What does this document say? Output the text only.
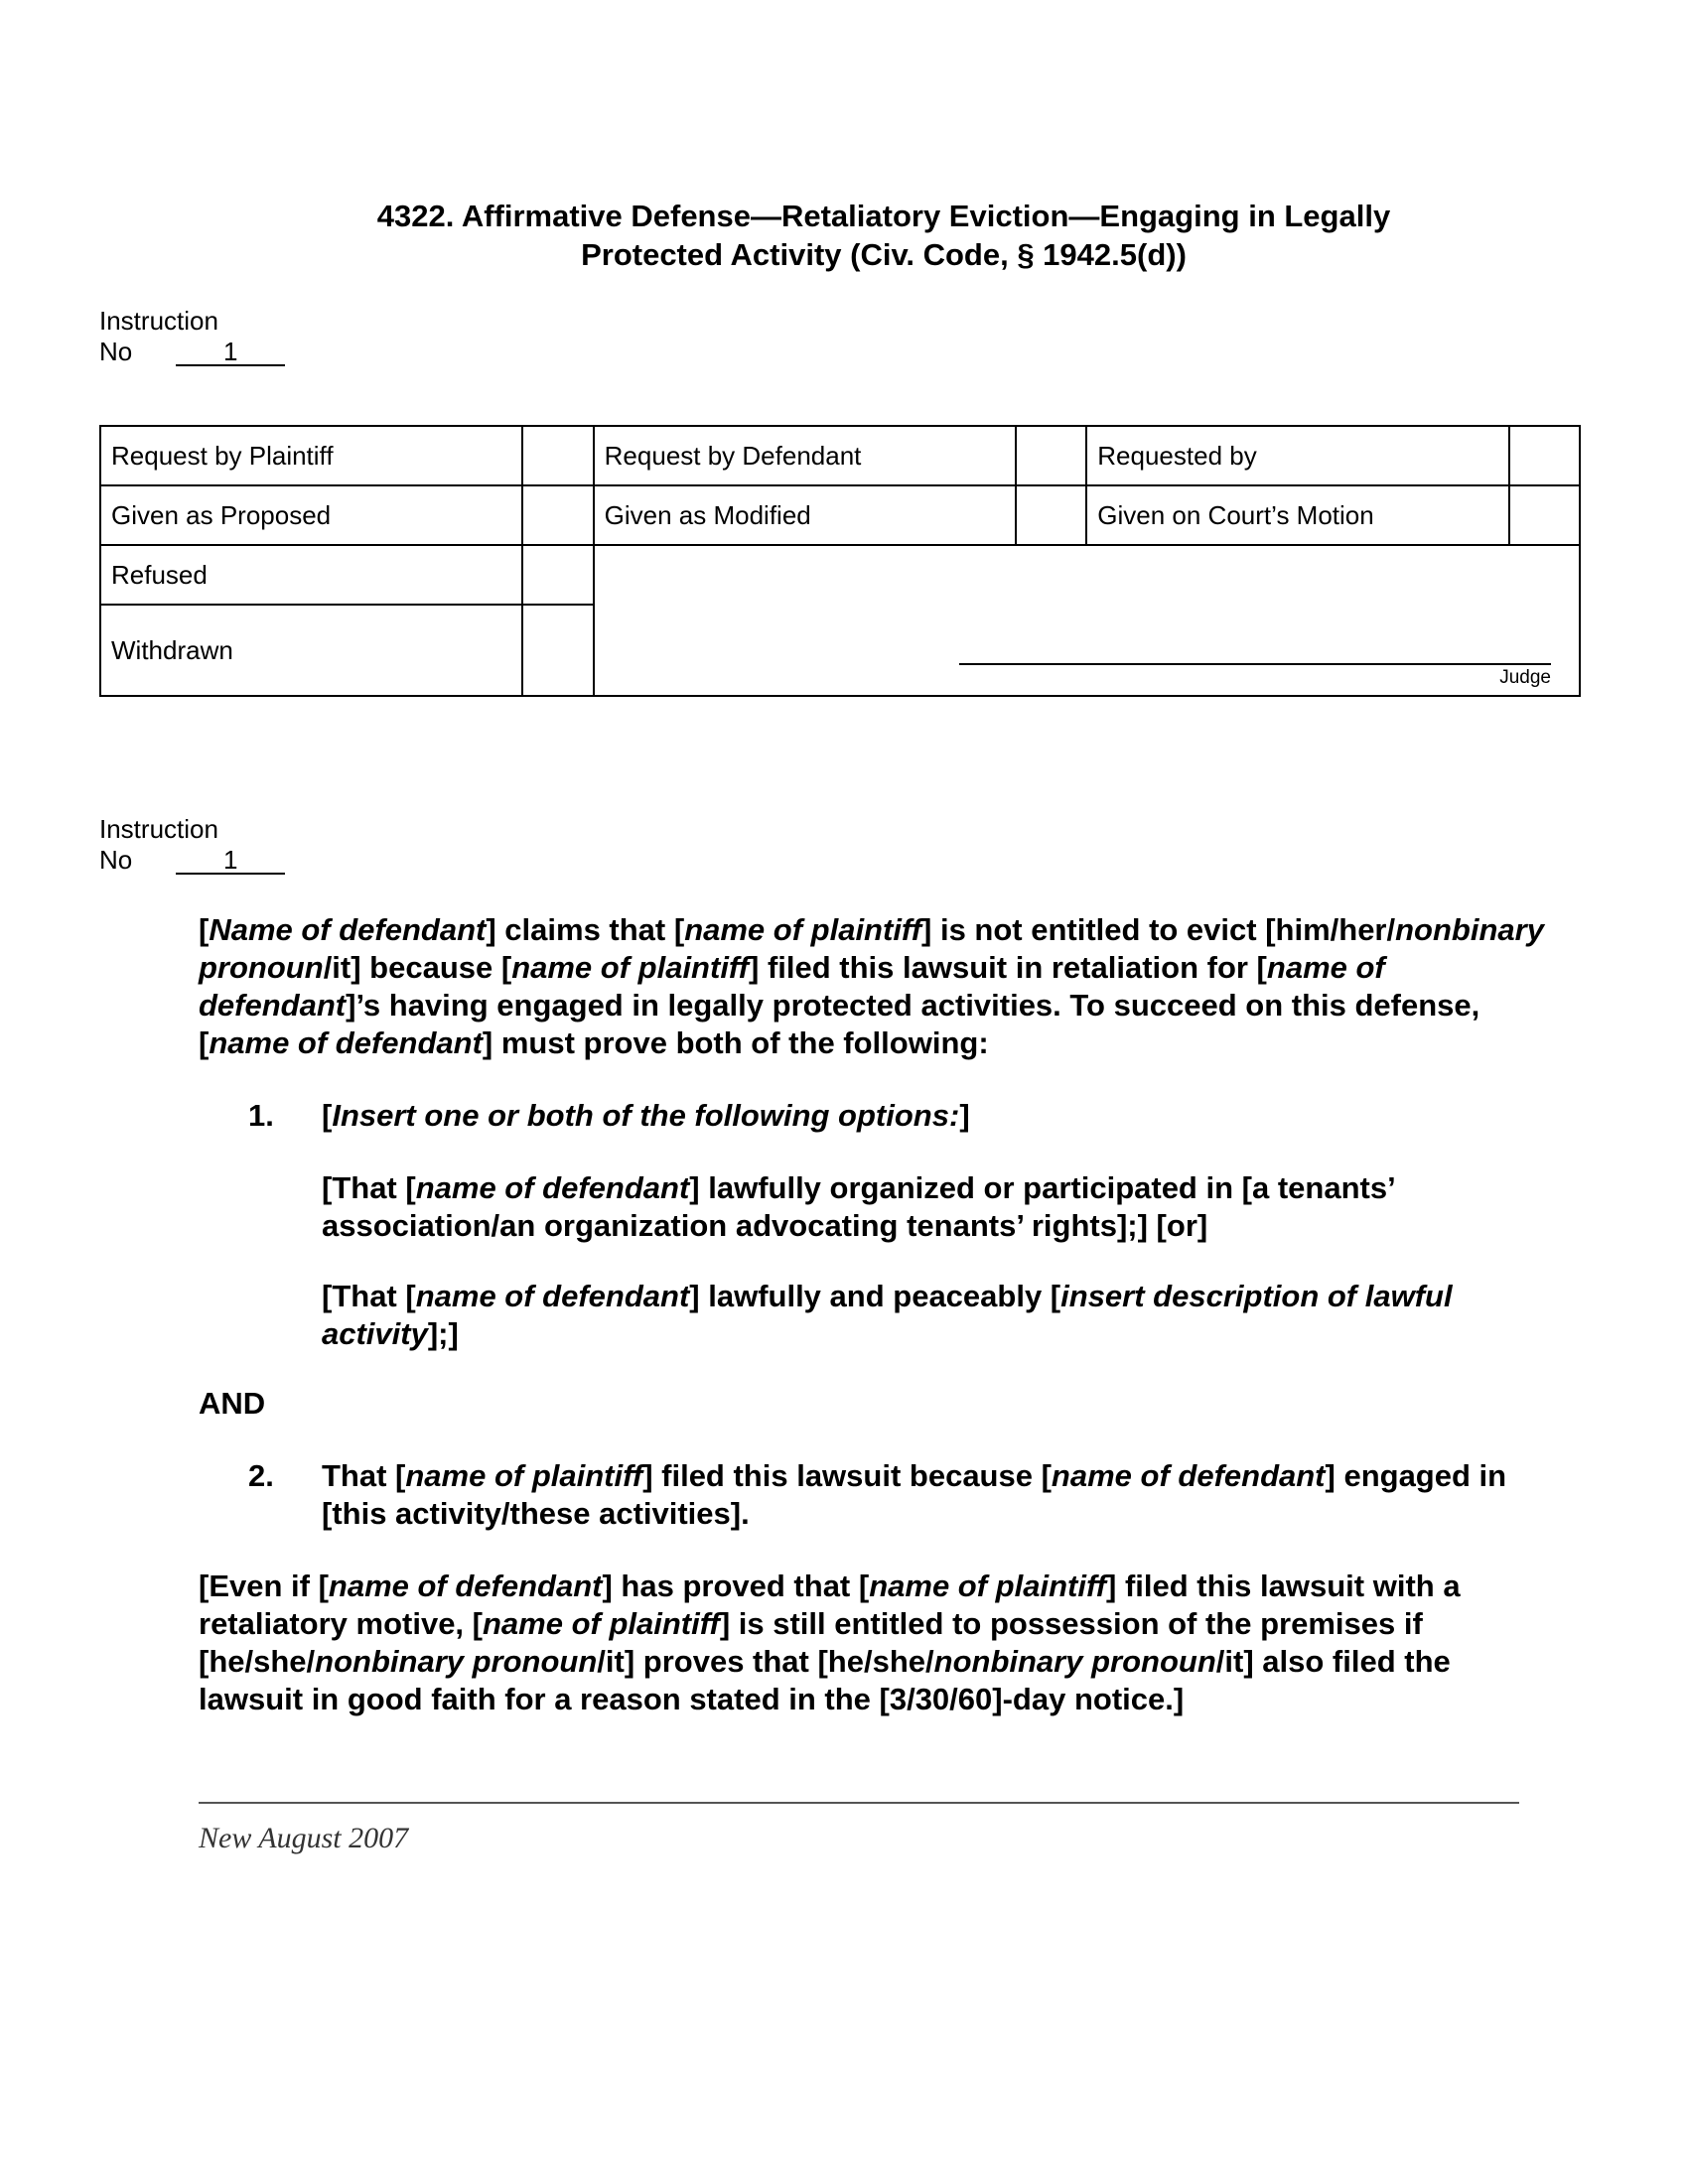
4322. Affirmative Defense—Retaliatory Eviction—Engaging in Legally
Protected Activity (Civ. Code, § 1942.5(d))
Instruction
No	1
Request by Plaintiff		Request by Defendant		Requested by	
Given as Proposed		Given as Modified		Given on Court’s Motion	
Refused		Judge			

Withdrawn					
Instruction
No	1

[Name of defendant] claims that [name of plaintiff] is not entitled to evict [him/her/nonbinary pronoun/it] because [name of plaintiff] filed this lawsuit in retaliation for [name of defendant]’s having engaged in legally protected activities. To succeed on this defense, [name of defendant] must prove both of the following:

1. [Insert one or both of the following options:]
[That [name of defendant] lawfully organized or participated in [a tenants’ association/an organization advocating tenants’ rights];] [or]
[That [name of defendant] lawfully and peaceably [insert description of lawful activity];]
AND
2. That [name of plaintiff] filed this lawsuit because [name of defendant] engaged in [this activity/these activities].

[Even if [name of defendant] has proved that [name of plaintiff] filed this lawsuit with a retaliatory motive, [name of plaintiff] is still entitled to possession of the premises if [he/she/nonbinary pronoun/it] proves that [he/she/nonbinary pronoun/it] also filed the lawsuit in good faith for a reason stated in the [3/30/60]-day notice.]

New August 2007
